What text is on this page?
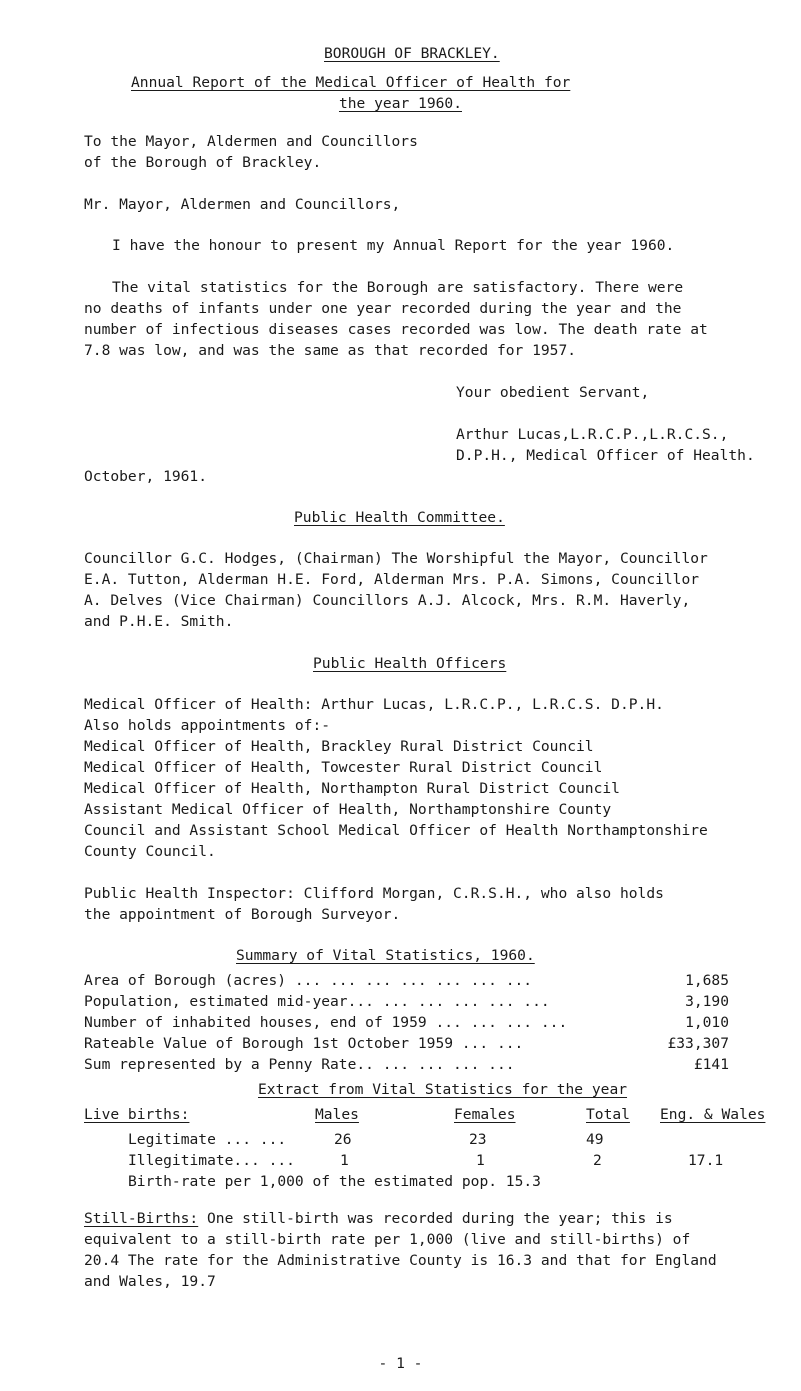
BOROUGH OF BRACKLEY.
Annual Report of the Medical Officer of Health for
the year 1960.
To the Mayor, Aldermen and Councillors
of the Borough of Brackley.
Mr. Mayor, Aldermen and Councillors,
I have the honour to present my Annual Report for the year 1960.
The vital statistics for the Borough are satisfactory. There were
no deaths of infants under one year recorded during the year and the
number of infectious diseases cases recorded was low. The death rate at
7.8 was low, and was the same as that recorded for 1957.
Your obedient Servant,
Arthur Lucas,L.R.C.P.,L.R.C.S.,
D.P.H., Medical Officer of Health.
October, 1961.
Public Health Committee.
Councillor G.C. Hodges, (Chairman) The Worshipful the Mayor, Councillor
E.A. Tutton, Alderman H.E. Ford, Alderman Mrs. P.A. Simons, Councillor
A. Delves (Vice Chairman) Councillors A.J. Alcock, Mrs. R.M. Haverly,
and P.H.E. Smith.
Public Health Officers
Medical Officer of Health: Arthur Lucas, L.R.C.P., L.R.C.S. D.P.H.
Also holds appointments of:-
Medical Officer of Health, Brackley Rural District Council
Medical Officer of Health, Towcester Rural District Council
Medical Officer of Health, Northampton Rural District Council
Assistant Medical Officer of Health, Northamptonshire County
Council and Assistant School Medical Officer of Health Northamptonshire
County Council.
Public Health Inspector: Clifford Morgan, C.R.S.H., who also holds
the appointment of Borough Surveyor.
Summary of Vital Statistics, 1960.
Area of Borough (acres) ... ... ... ... ... ... ...	1,685
Population, estimated mid-year... ... ... ... ... ...	3,190
Number of inhabited houses, end of 1959 ... ... ... ...	1,010
Rateable Value of Borough 1st October 1959 ... ...	£33,307
Sum represented by a Penny Rate.. ... ... ... ...	£141
Extract from Vital Statistics for the year
Live births:	Males	Females	Total Eng. & Wales
Legitimate ... ...	26	23	49
Illegitimate... ...	1	1	2	17.1
Birth-rate per 1,000 of the estimated pop. 15.3
Still-Births: One still-birth was recorded during the year; this is
equivalent to a still-birth rate per 1,000 (live and still-births) of
20.4 The rate for the Administrative County is 16.3 and that for England
and Wales, 19.7
- 1 -
